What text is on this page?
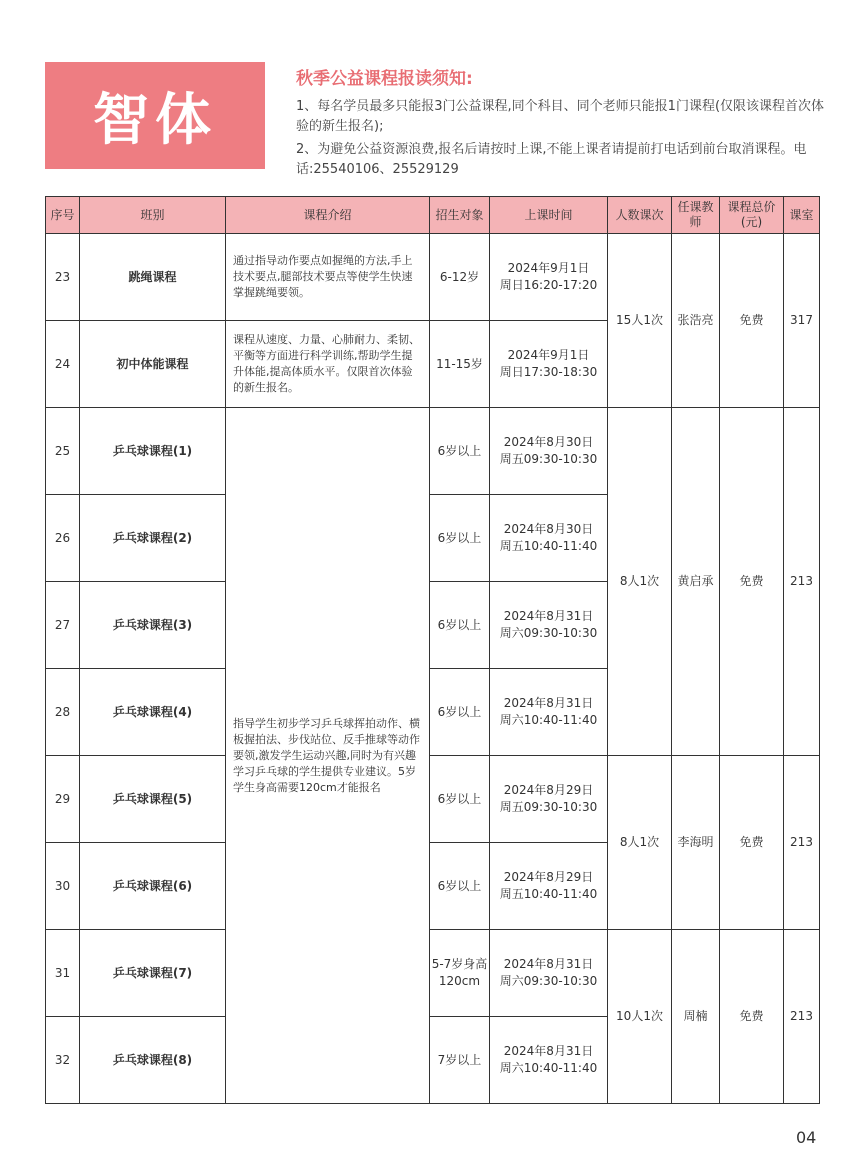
智体
秋季公益课程报读须知:
1、每名学员最多只能报3门公益课程,同个科目、同个老师只能报1门课程(仅限该课程首次体验的新生报名);
2、为避免公益资源浪费,报名后请按时上课,不能上课者请提前打电话到前台取消课程。电话:25540106、25529129
序号	班别	课程介绍	招生对象	上课时间	人数课次	任课教师	课程总价(元)	课室
23	跳绳课程	通过指导动作要点如握绳的方法,手上技术要点,腿部技术要点等使学生快速掌握跳绳要领。	6-12岁	2024年9月1日
周日16:20-17:20	15人1次	张浩亮	免费	317
24	初中体能课程	课程从速度、力量、心肺耐力、柔韧、平衡等方面进行科学训练,帮助学生提升体能,提高体质水平。仅限首次体验的新生报名。	11-15岁	2024年9月1日
周日17:30-18:30				
25	乒乓球课程(1)	指导学生初步学习乒乓球挥拍动作、横板握拍法、步伐站位、反手推球等动作要领,激发学生运动兴趣,同时为有兴趣学习乒乓球的学生提供专业建议。5岁学生身高需要120cm才能报名	6岁以上	2024年8月30日
周五09:30-10:30	8人1次	黄启承	免费	213
26	乒乓球课程(2)		6岁以上	2024年8月30日
周五10:40-11:40				
27	乒乓球课程(3)		6岁以上	2024年8月31日
周六09:30-10:30				
28	乒乓球课程(4)		6岁以上	2024年8月31日
周六10:40-11:40				
29	乒乓球课程(5)		6岁以上	2024年8月29日
周五09:30-10:30	8人1次	李海明	免费	213
30	乒乓球课程(6)		6岁以上	2024年8月29日
周五10:40-11:40				
31	乒乓球课程(7)		5-7岁身高120cm	2024年8月31日
周六09:30-10:30	10人1次	周楠	免费	213
32	乒乓球课程(8)		7岁以上	2024年8月31日
周六10:40-11:40				
04
